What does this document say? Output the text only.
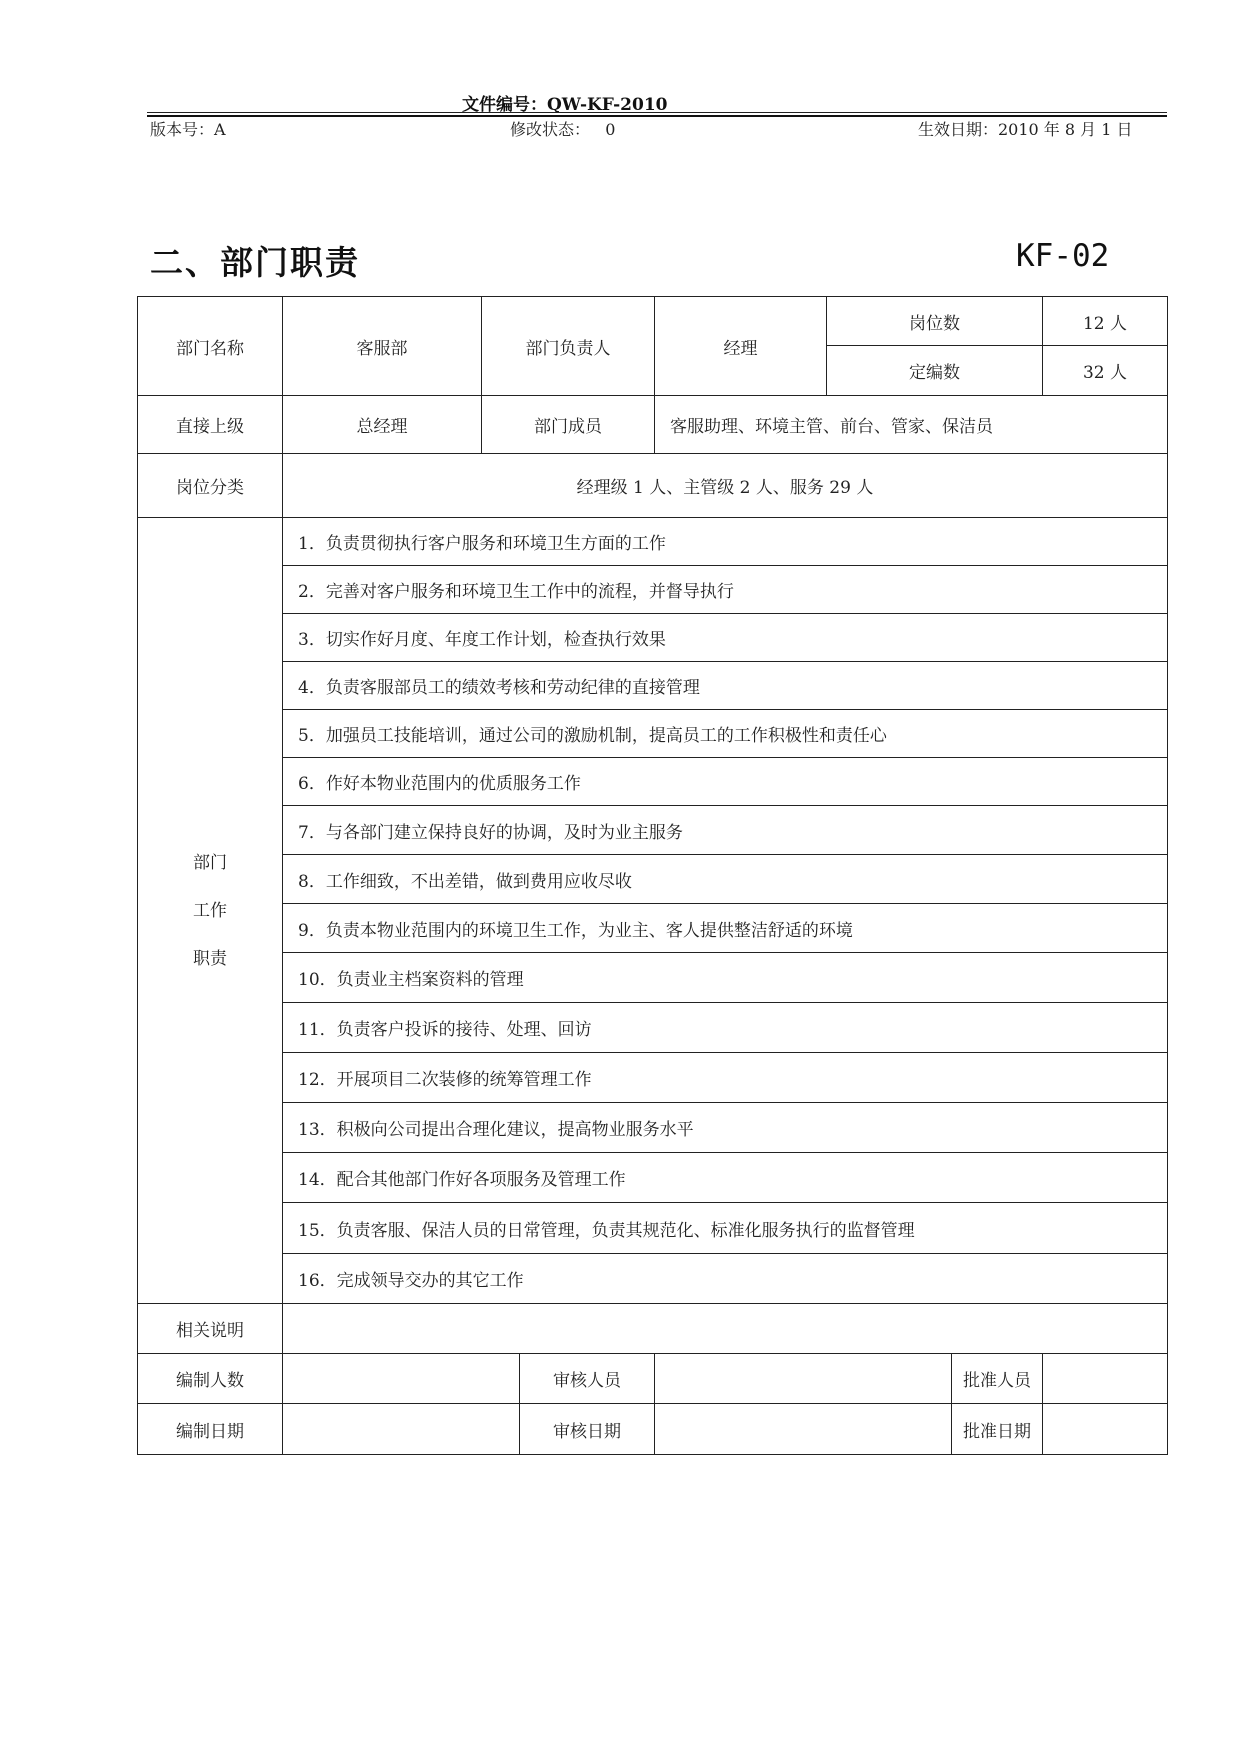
文件编号：QW-KF-2010
版本号：A	修改状态：   0	生效日期：2010 年 8 月 1 日
二、部门职责	KF-02
部门名称	客服部	部门负责人		经理	岗位数		12 人
					定编数		32 人
直接上级	总经理	部门成员		客服助理、环境主管、前台、管家、保洁员			
岗位分类	经理级 1 人、主管级 2 人、服务 29 人						

部门
工作
职责	1．负责贯彻执行客户服务和环境卫生方面的工作						
	2．完善对客户服务和环境卫生工作中的流程，并督导执行						
	3．切实作好月度、年度工作计划，检查执行效果						
	4．负责客服部员工的绩效考核和劳动纪律的直接管理						
	5．加强员工技能培训，通过公司的激励机制，提高员工的工作积极性和责任心						
	6．作好本物业范围内的优质服务工作						
	7．与各部门建立保持良好的协调，及时为业主服务						
	8．工作细致，不出差错，做到费用应收尽收						
	9．负责本物业范围内的环境卫生工作，为业主、客人提供整洁舒适的环境						
	10．负责业主档案资料的管理						
	11．负责客户投诉的接待、处理、回访						
	12．开展项目二次装修的统筹管理工作						
	13．积极向公司提出合理化建议，提高物业服务水平						
	14．配合其他部门作好各项服务及管理工作						
	15．负责客服、保洁人员的日常管理，负责其规范化、标准化服务执行的监督管理						
	16．完成领导交办的其它工作						
相关说明							
编制人数			审核人员			批准人员	
编制日期			审核日期			批准日期	
